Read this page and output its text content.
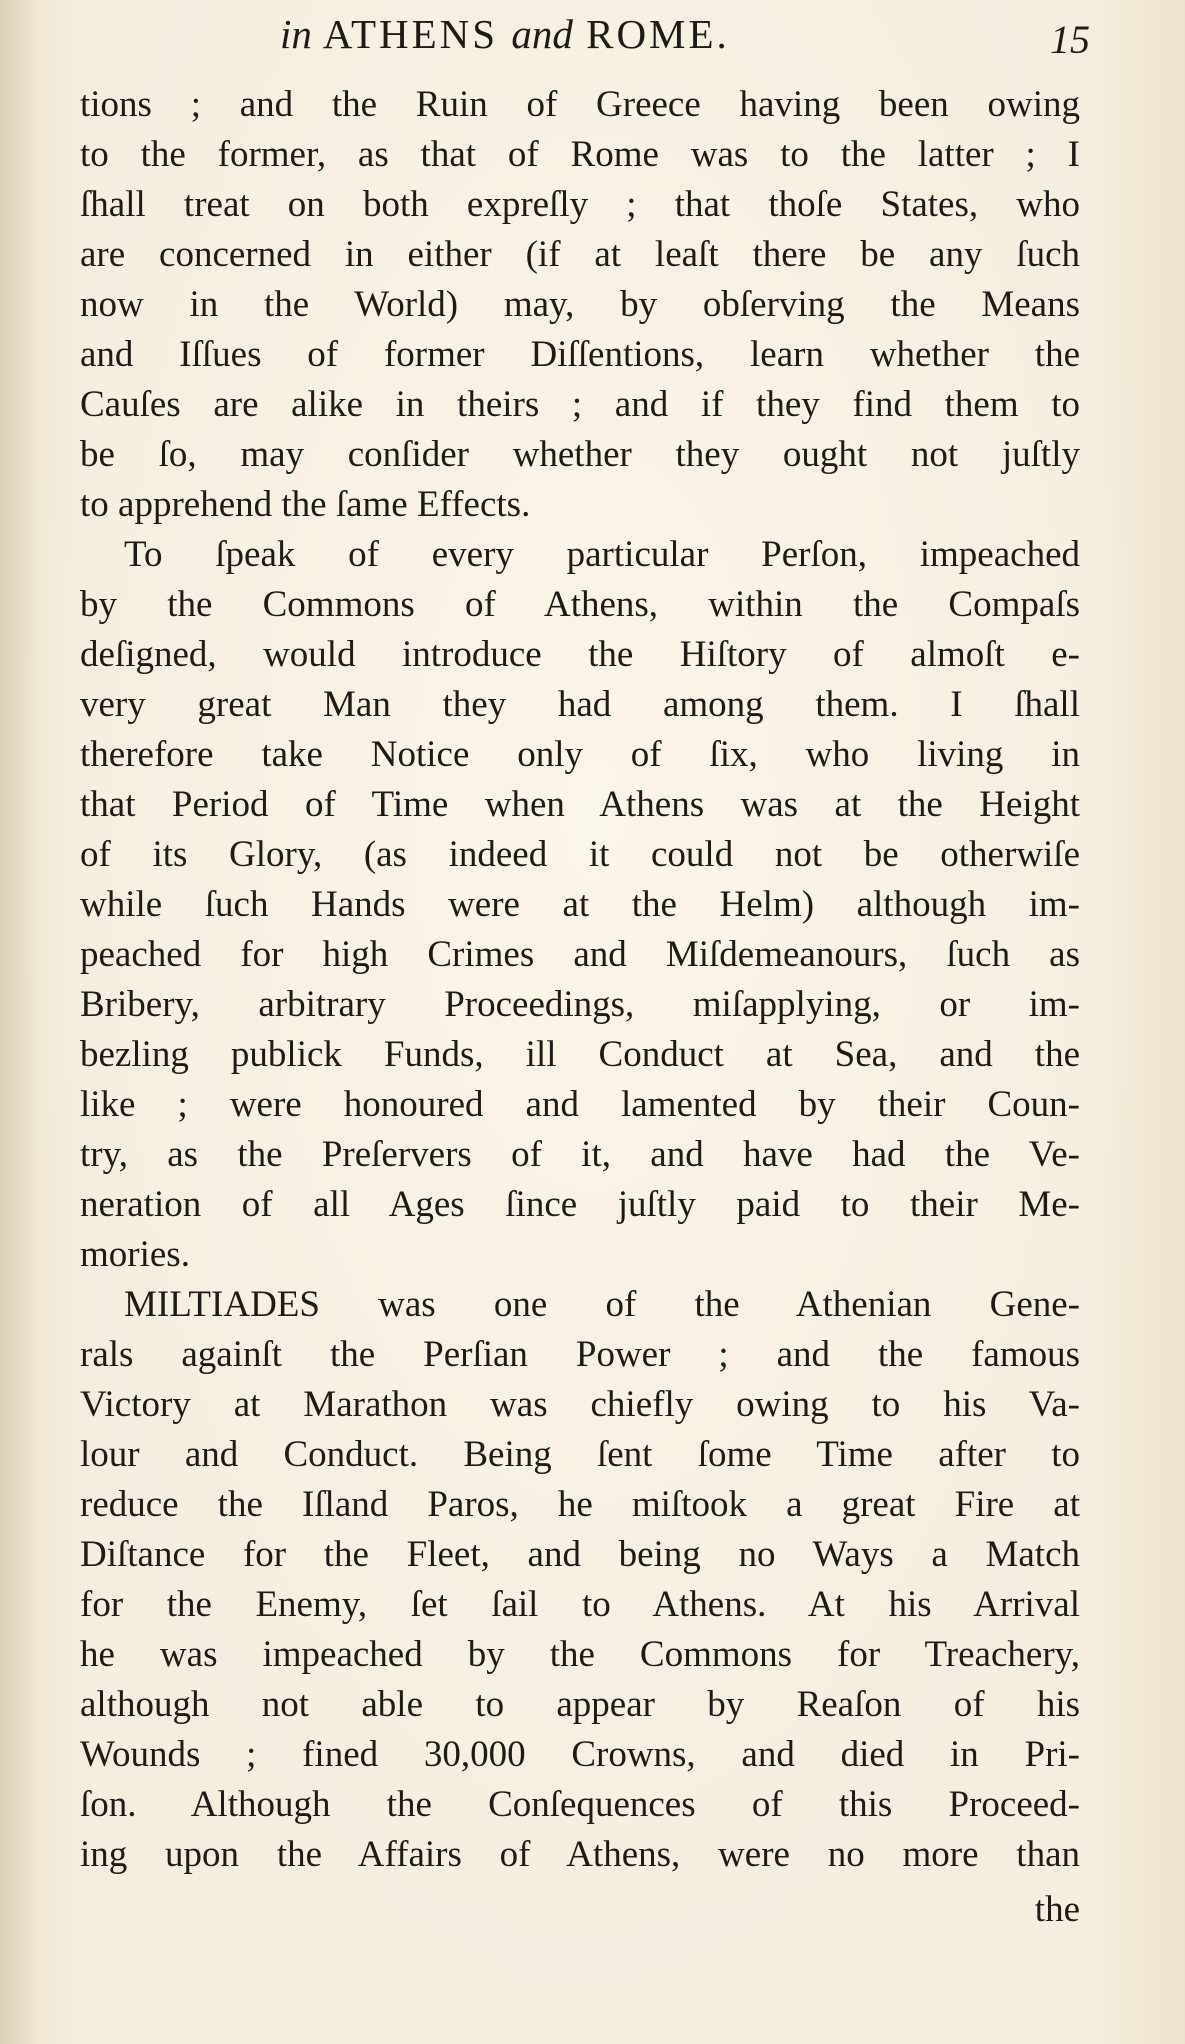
in ATHENS and ROME.	15
tions ; and the Ruin of Greece having been owing
to the former, as that of Rome was to the latter ; I
ſhall treat on both expreſly ; that thoſe States, who
are concerned in either (if at leaſt there be any ſuch
now in the World) may, by obſerving the Means
and Iſſues of former Diſſentions, learn whether the
Cauſes are alike in theirs ; and if they find them to
be ſo, may conſider whether they ought not juſtly
to apprehend the ſame Effects.
To ſpeak of every particular Perſon, impeached
by the Commons of Athens, within the Compaſs
deſigned, would introduce the Hiſtory of almoſt e-
very great Man they had among them. I ſhall
therefore take Notice only of ſix, who living in
that Period of Time when Athens was at the Height
of its Glory, (as indeed it could not be otherwiſe
while ſuch Hands were at the Helm) although im-
peached for high Crimes and Miſdemeanours, ſuch as
Bribery, arbitrary Proceedings, miſapplying, or im-
bezling publick Funds, ill Conduct at Sea, and the
like ; were honoured and lamented by their Coun-
try, as the Preſervers of it, and have had the Ve-
neration of all Ages ſince juſtly paid to their Me-
mories.
MILTIADES was one of the Athenian Gene-
rals againſt the Perſian Power ; and the famous
Victory at Marathon was chiefly owing to his Va-
lour and Conduct. Being ſent ſome Time after to
reduce the Iſland Paros, he miſtook a great Fire at
Diſtance for the Fleet, and being no Ways a Match
for the Enemy, ſet ſail to Athens. At his Arrival
he was impeached by the Commons for Treachery,
although not able to appear by Reaſon of his
Wounds ; fined 30,000 Crowns, and died in Pri-
ſon. Although the Conſequences of this Proceed-
ing upon the Affairs of Athens, were no more than
the
